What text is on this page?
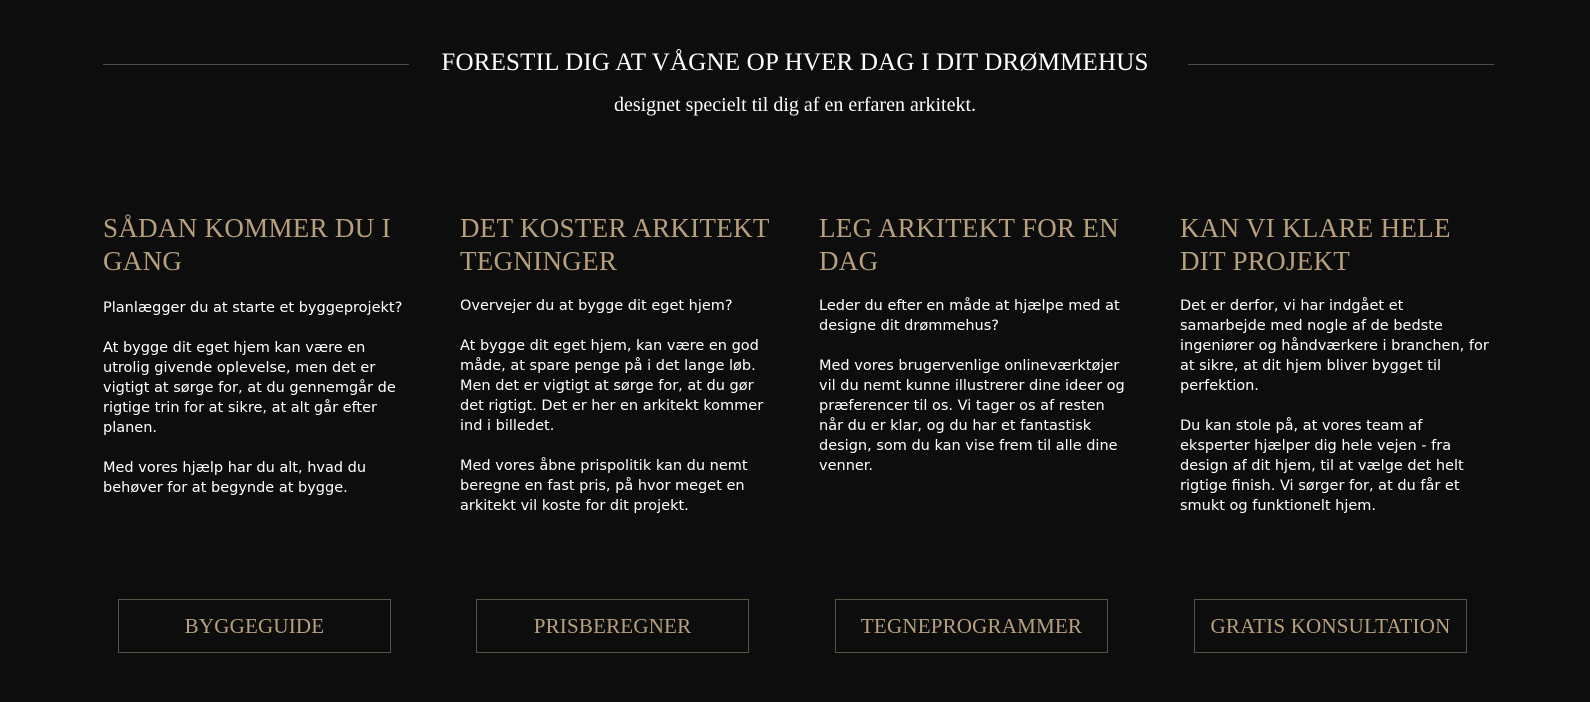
FORESTIL DIG AT VÅGNE OP HVER DAG I DIT DRØMMEHUS

designet specielt til dig af en erfaren arkitekt.

SÅDAN KOMMER DU I GANG

Planlægger du at starte et byggeprojekt?

At bygge dit eget hjem kan være en utrolig givende oplevelse, men det er vigtigt at sørge for, at du gennemgår de rigtige trin for at sikre, at alt går efter planen.

Med vores hjælp har du alt, hvad du behøver for at begynde at bygge.

DET KOSTER ARKITEKT TEGNINGER

Overvejer du at bygge dit eget hjem?

At bygge dit eget hjem, kan være en god måde, at spare penge på i det lange løb. Men det er vigtigt at sørge for, at du gør det rigtigt. Det er her en arkitekt kommer ind i billedet.

Med vores åbne prispolitik kan du nemt beregne en fast pris, på hvor meget en arkitekt vil koste for dit projekt.

LEG ARKITEKT FOR EN DAG

Leder du efter en måde at hjælpe med at designe dit drømmehus?

Med vores brugervenlige onlineværktøjer vil du nemt kunne illustrerer dine ideer og præferencer til os. Vi tager os af resten når du er klar, og du har et fantastisk design, som du kan vise frem til alle dine venner.

KAN VI KLARE HELE DIT PROJEKT

Det er derfor, vi har indgået et samarbejde med nogle af de bedste ingeniører og håndværkere i branchen, for at sikre, at dit hjem bliver bygget til perfektion.

Du kan stole på, at vores team af eksperter hjælper dig hele vejen - fra design af dit hjem, til at vælge det helt rigtige finish. Vi sørger for, at du får et smukt og funktionelt hjem.

BYGGEGUIDE	PRISBEREGNER	TEGNEPROGRAMMER	GRATIS KONSULTATION
